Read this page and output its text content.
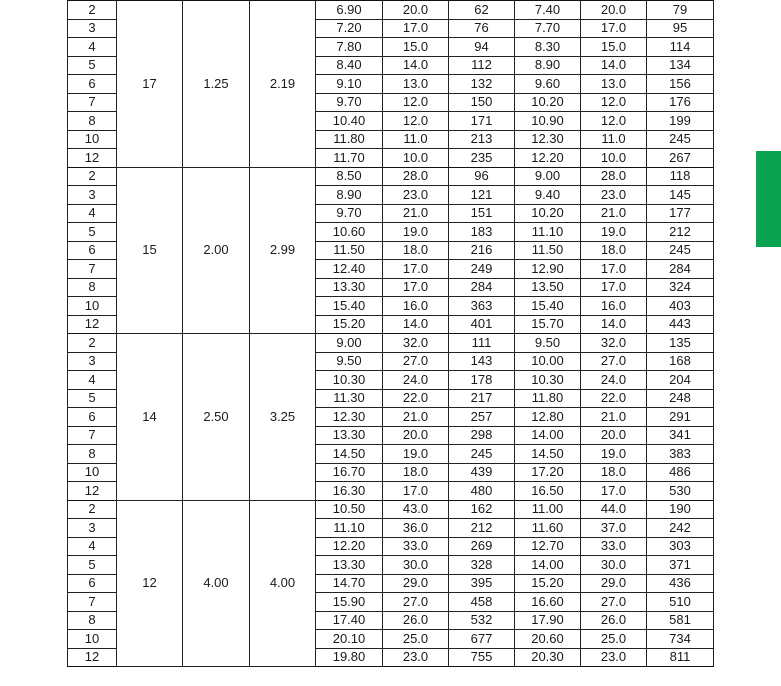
2	17	1.25	2.19	6.90	20.0	62	7.40	20.0	79
3				7.20	17.0	76	7.70	17.0	95
4				7.80	15.0	94	8.30	15.0	114
5				8.40	14.0	112	8.90	14.0	134
6				9.10	13.0	132	9.60	13.0	156
7				9.70	12.0	150	10.20	12.0	176
8				10.40	12.0	171	10.90	12.0	199
10				11.80	11.0	213	12.30	11.0	245
12				11.70	10.0	235	12.20	10.0	267
2	15	2.00	2.99	8.50	28.0	96	9.00	28.0	118
3				8.90	23.0	121	9.40	23.0	145
4				9.70	21.0	151	10.20	21.0	177
5				10.60	19.0	183	11.10	19.0	212
6				11.50	18.0	216	11.50	18.0	245
7				12.40	17.0	249	12.90	17.0	284
8				13.30	17.0	284	13.50	17.0	324
10				15.40	16.0	363	15.40	16.0	403
12				15.20	14.0	401	15.70	14.0	443
2	14	2.50	3.25	9.00	32.0	111	9.50	32.0	135
3				9.50	27.0	143	10.00	27.0	168
4				10.30	24.0	178	10.30	24.0	204
5				11.30	22.0	217	11.80	22.0	248
6				12.30	21.0	257	12.80	21.0	291
7				13.30	20.0	298	14.00	20.0	341
8				14.50	19.0	245	14.50	19.0	383
10				16.70	18.0	439	17.20	18.0	486
12				16.30	17.0	480	16.50	17.0	530
2	12	4.00	4.00	10.50	43.0	162	11.00	44.0	190
3				11.10	36.0	212	11.60	37.0	242
4				12.20	33.0	269	12.70	33.0	303
5				13.30	30.0	328	14.00	30.0	371
6				14.70	29.0	395	15.20	29.0	436
7				15.90	27.0	458	16.60	27.0	510
8				17.40	26.0	532	17.90	26.0	581
10				20.10	25.0	677	20.60	25.0	734
12				19.80	23.0	755	20.30	23.0	811
